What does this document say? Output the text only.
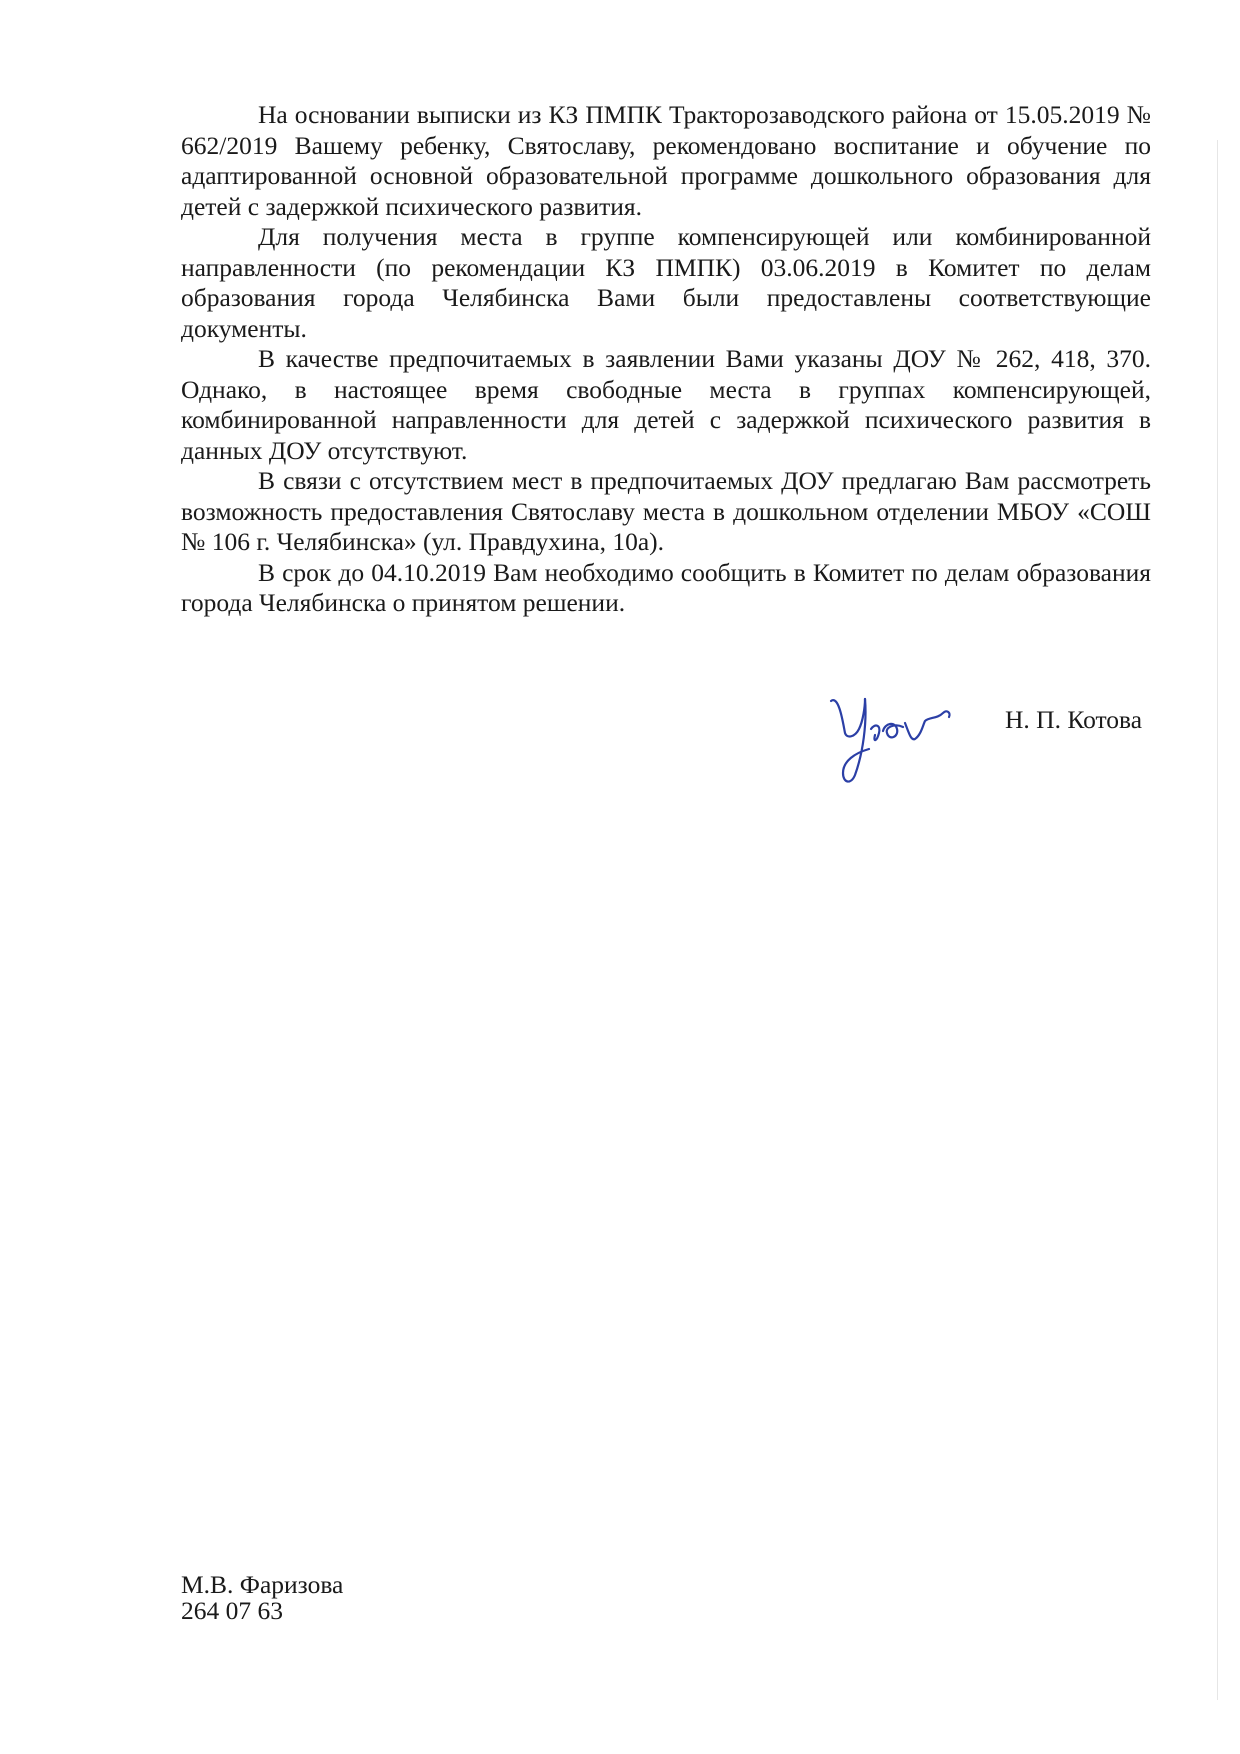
На основании выписки из КЗ ПМПК Тракторозаводского района от 15.05.2019 № 662/2019 Вашему ребенку, Святославу, рекомендовано воспитание и обучение по адаптированной основной образовательной программе дошкольного образования для детей с задержкой психического развития.

Для получения места в группе компенсирующей или комбинированной направленности (по рекомендации КЗ ПМПК) 03.06.2019 в Комитет по делам образования города Челябинска Вами были предоставлены соответствующие документы.

В качестве предпочитаемых в заявлении Вами указаны ДОУ № 262, 418, 370. Однако, в настоящее время свободные места в группах компенсирующей, комбинированной направленности для детей с задержкой психического развития в данных ДОУ отсутствуют.

В связи с отсутствием мест в предпочитаемых ДОУ предлагаю Вам рассмотреть возможность предоставления Святославу места в дошкольном отделении МБОУ «СОШ № 106 г. Челябинска» (ул. Правдухина, 10а).

В срок до 04.10.2019 Вам необходимо сообщить в Комитет по делам образования города Челябинска о принятом решении.

Н. П. Котова
М.В. Фаризова
264 07 63
